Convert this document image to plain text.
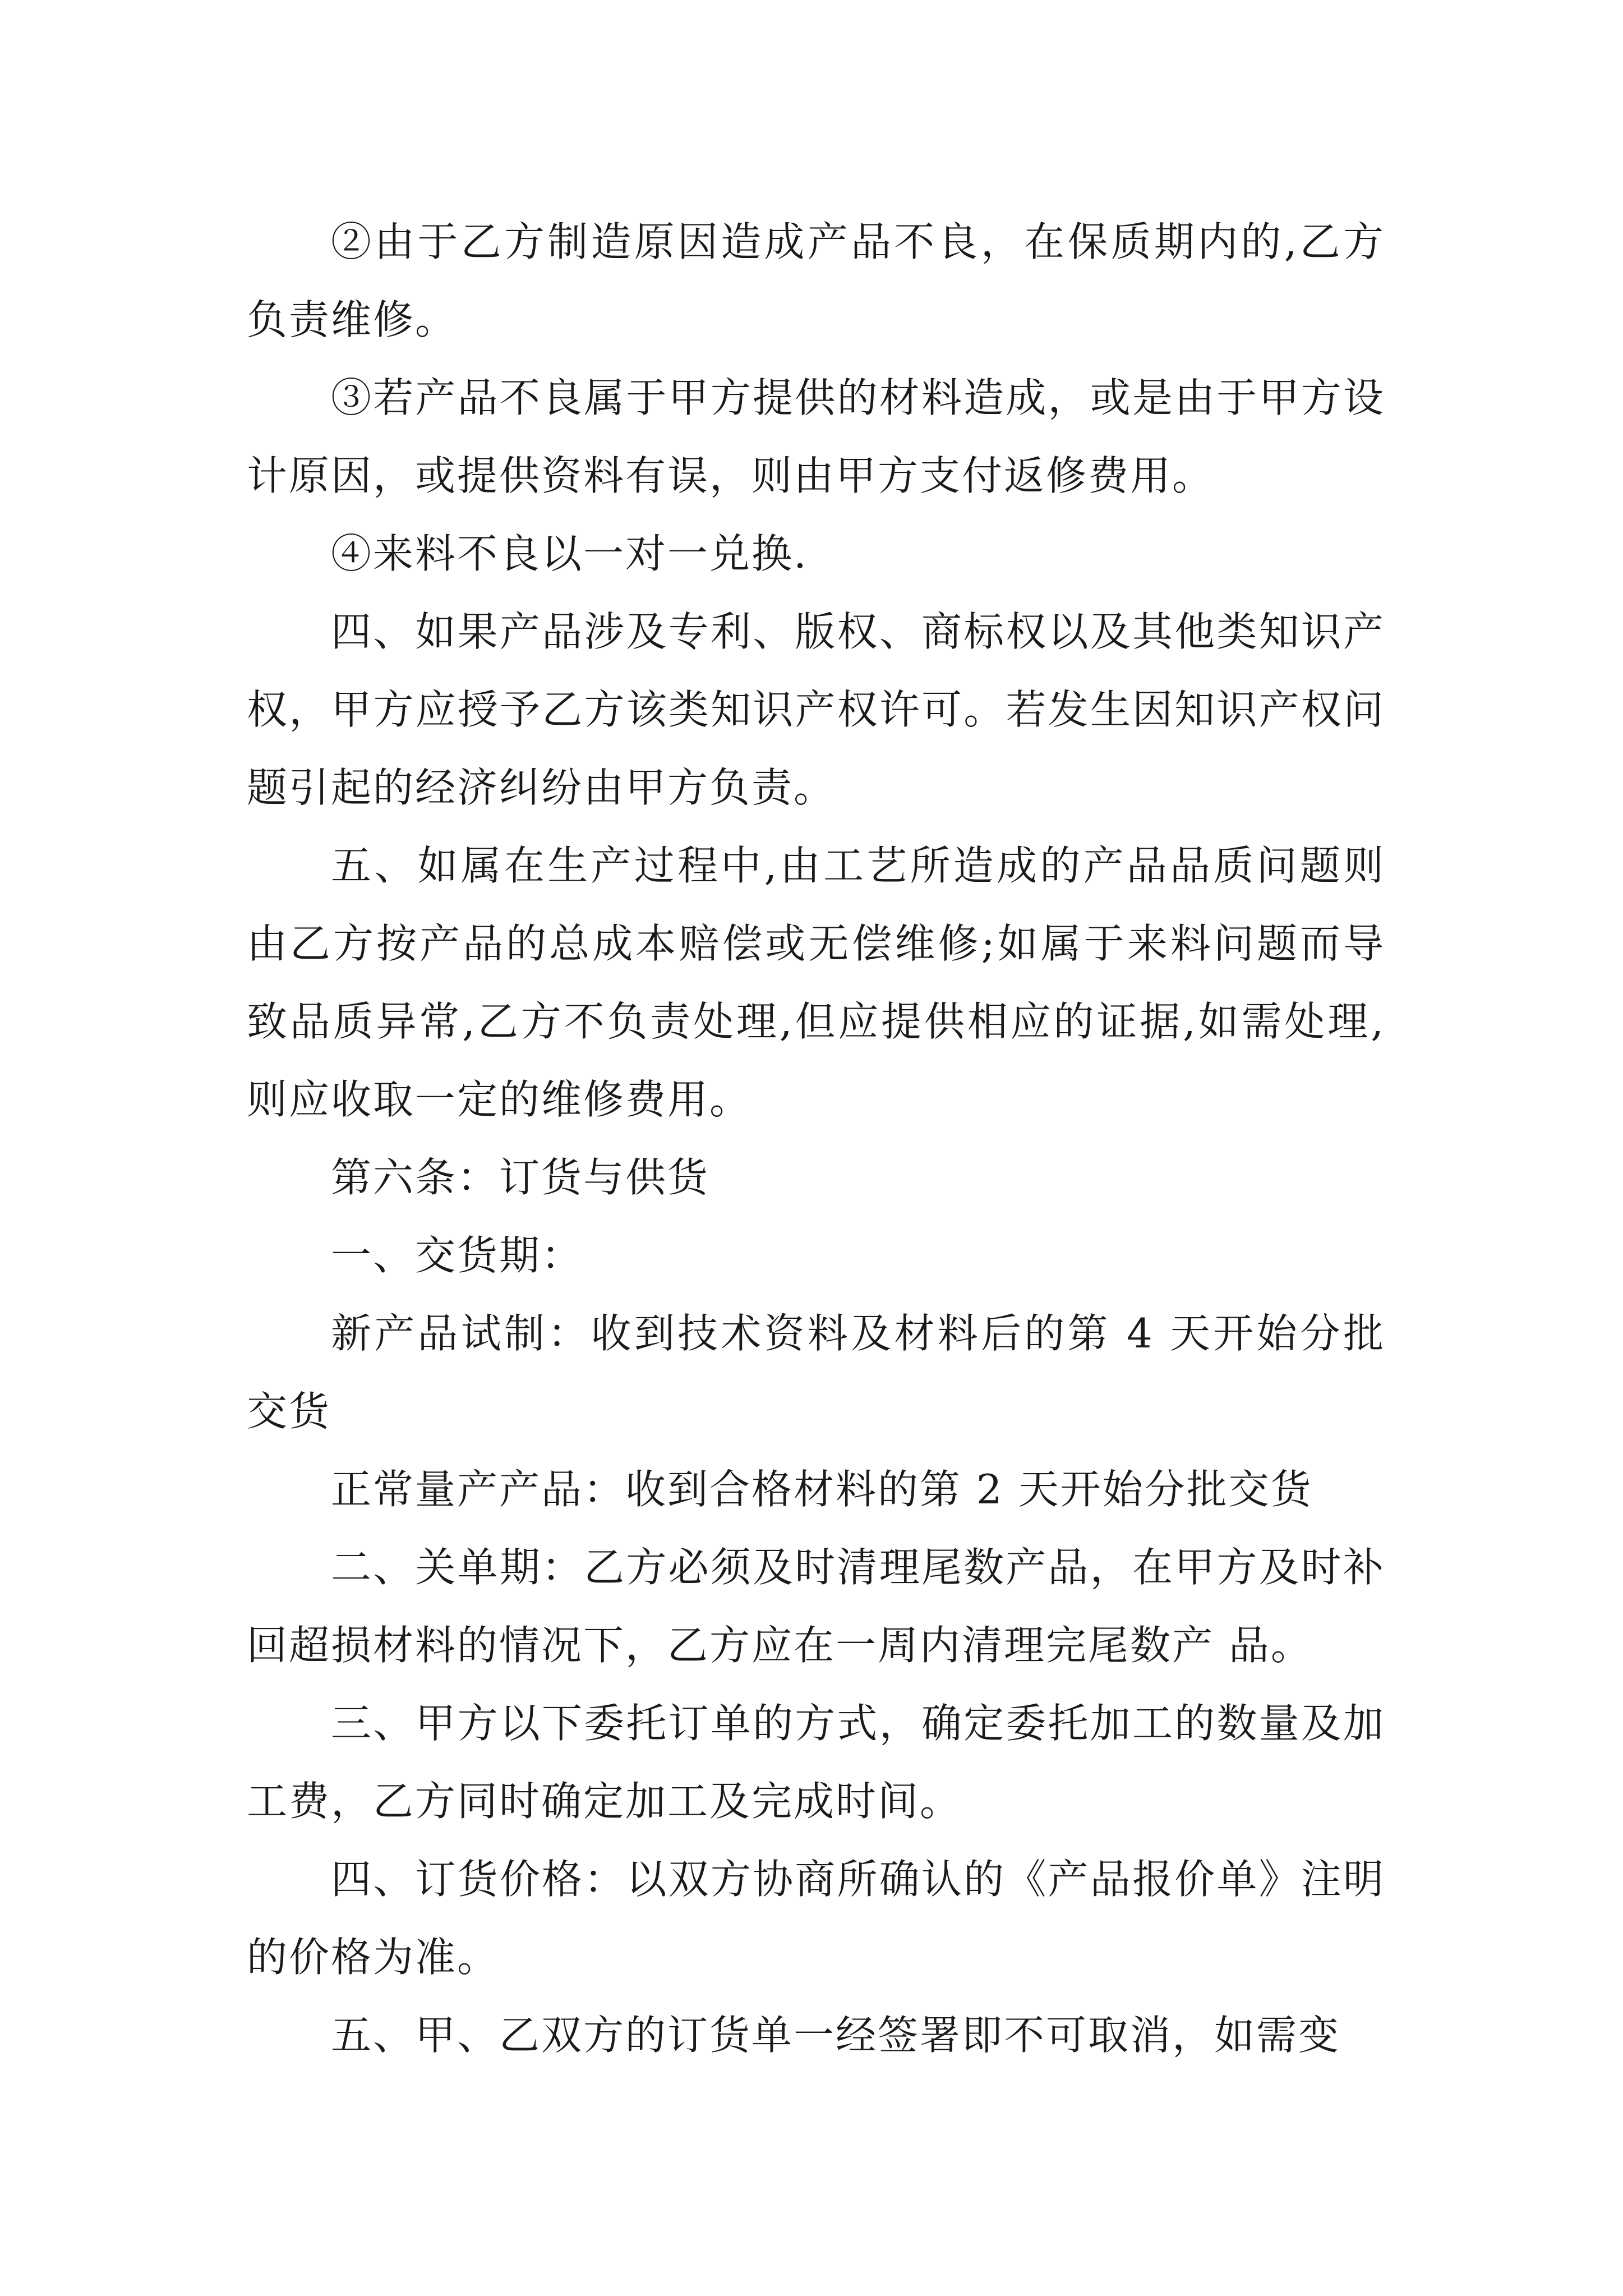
②由于乙方制造原因造成产品不良，在保质期内的,乙方负责维修。

③若产品不良属于甲方提供的材料造成，或是由于甲方设计原因，或提供资料有误，则由甲方支付返修费用。

④来料不良以一对一兑换.

四、如果产品涉及专利、版权、商标权以及其他类知识产权，甲方应授予乙方该类知识产权许可。若发生因知识产权问题引起的经济纠纷由甲方负责。

五、如属在生产过程中,由工艺所造成的产品品质问题则由乙方按产品的总成本赔偿或无偿维修;如属于来料问题而导致品质异常,乙方不负责处理,但应提供相应的证据,如需处理,则应收取一定的维修费用。

第六条：订货与供货

一、交货期：

新产品试制：收到技术资料及材料后的第 4 天开始分批交货

正常量产产品：收到合格材料的第 2 天开始分批交货

二、关单期：乙方必须及时清理尾数产品，在甲方及时补回超损材料的情况下，乙方应在一周内清理完尾数产 品。

三、甲方以下委托订单的方式，确定委托加工的数量及加工费，乙方同时确定加工及完成时间。

四、订货价格：以双方协商所确认的《产品报价单》注明的价格为准。

五、甲、乙双方的订货单一经签署即不可取消，如需变
